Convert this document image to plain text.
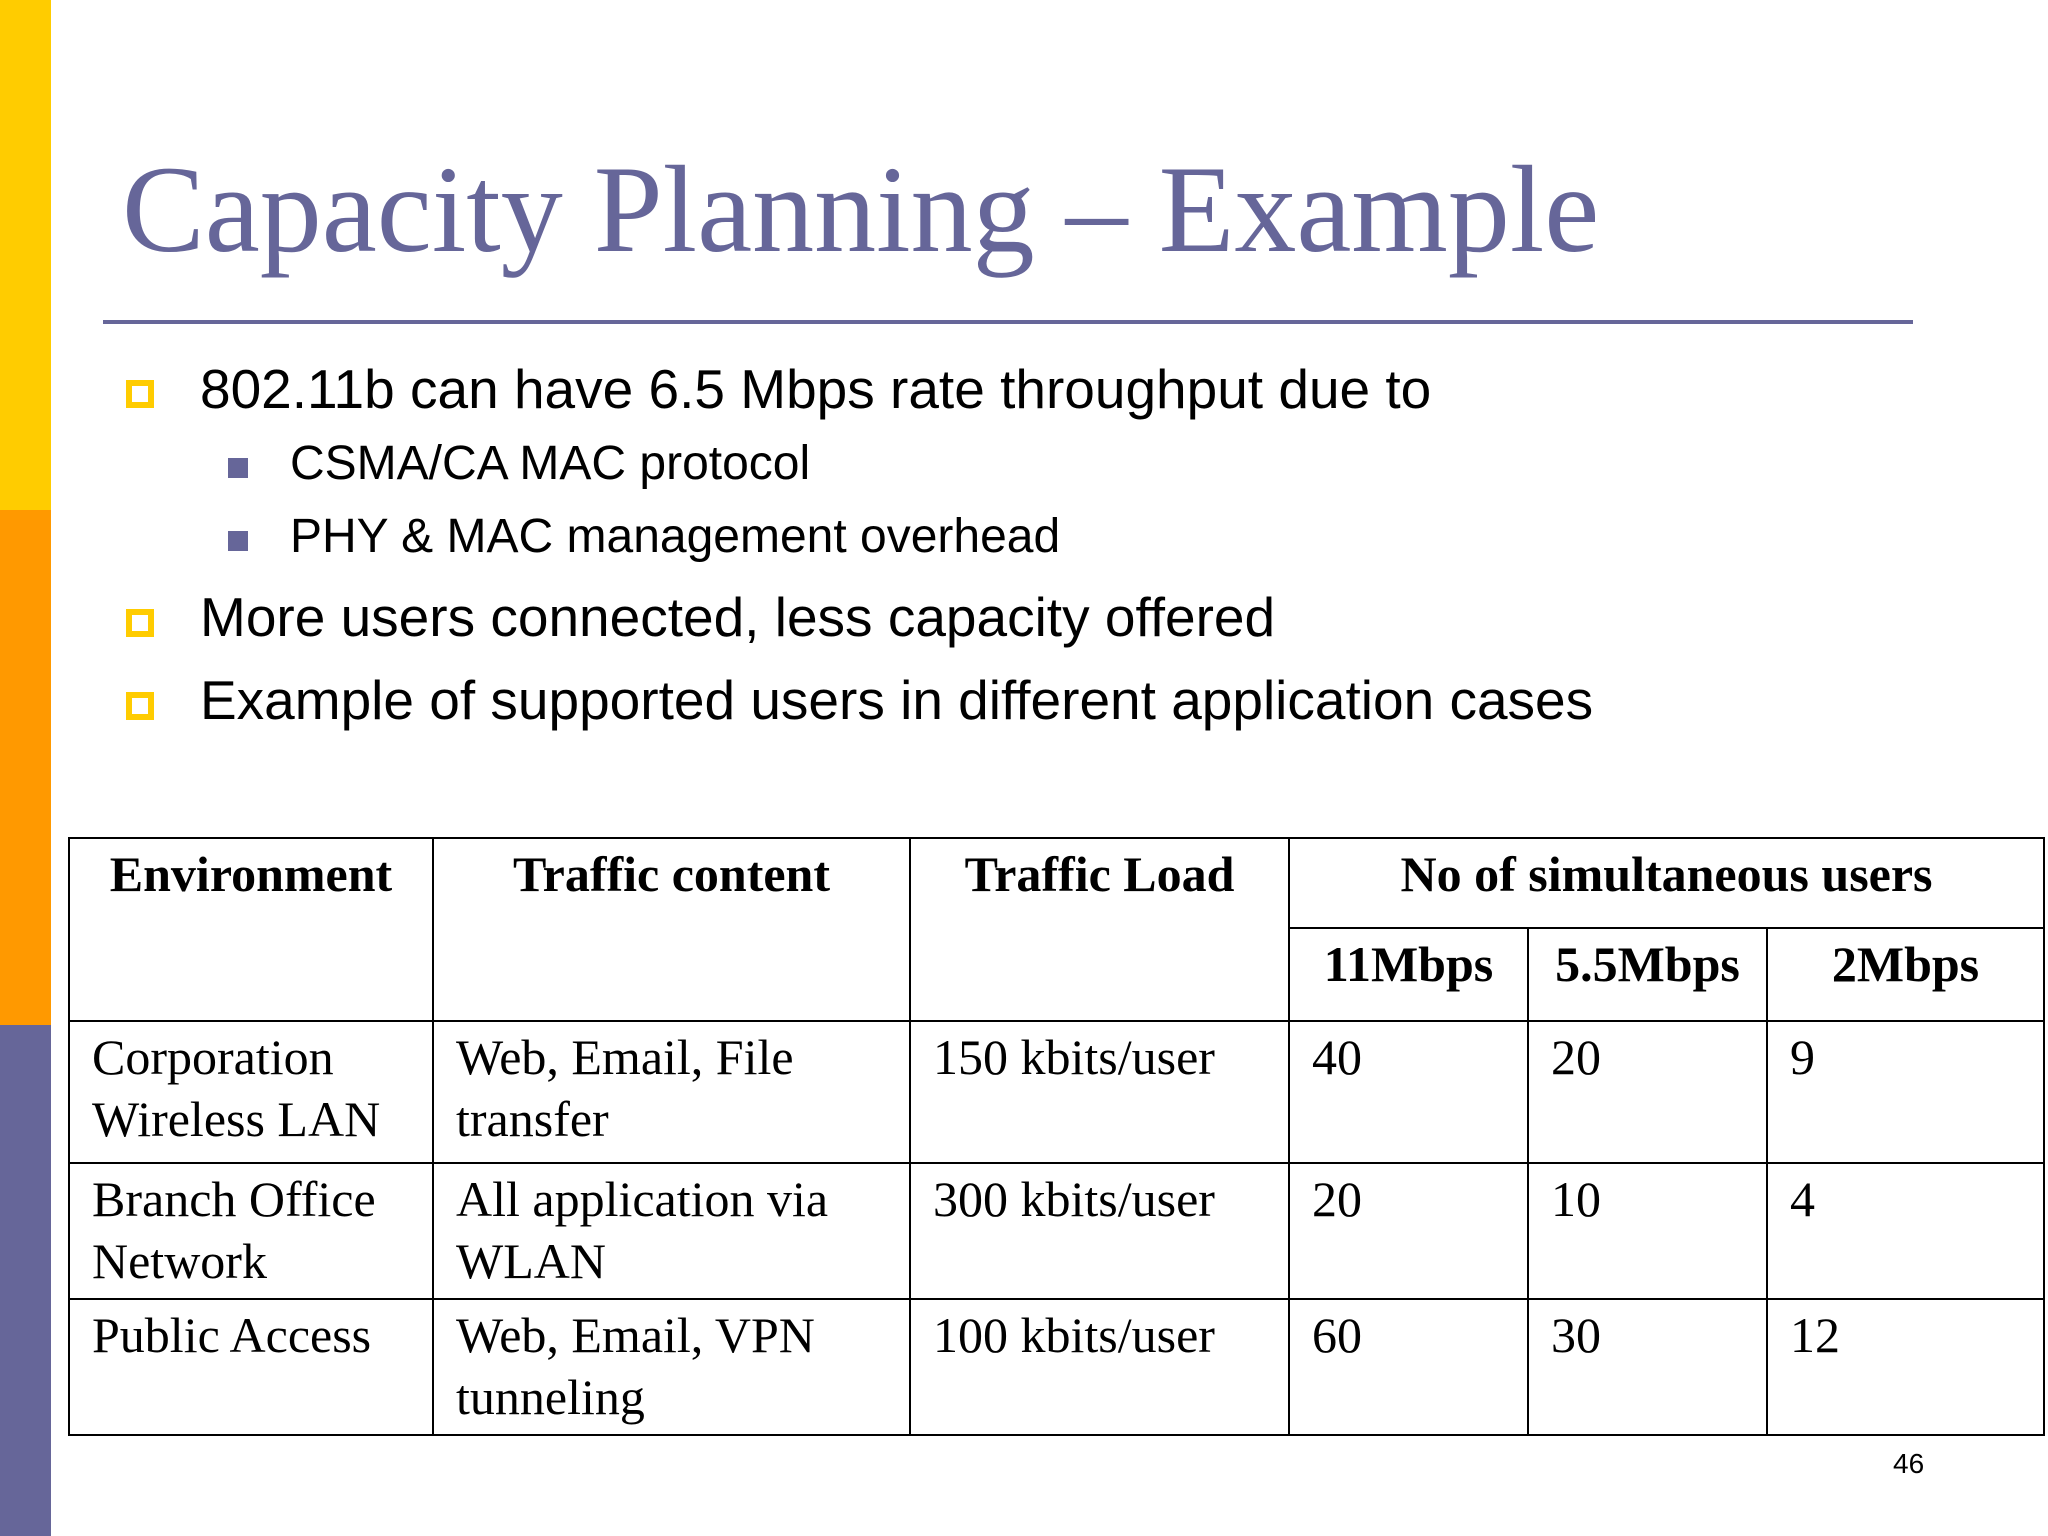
Capacity Planning – Example
802.11b can have 6.5 Mbps rate throughput due to
CSMA/CA MAC protocol
PHY & MAC management overhead
More users connected, less capacity offered
Example of supported users in different application cases
Environment	Traffic content	Traffic Load	No of simultaneous users		
			11Mbps	5.5Mbps	2Mbps
Corporation Wireless LAN	Web, Email, File transfer	150 kbits/user	40	20	9
Branch Office Network	All application via WLAN	300 kbits/user	20	10	4
Public Access	Web, Email, VPN tunneling	100 kbits/user	60	30	12
46
